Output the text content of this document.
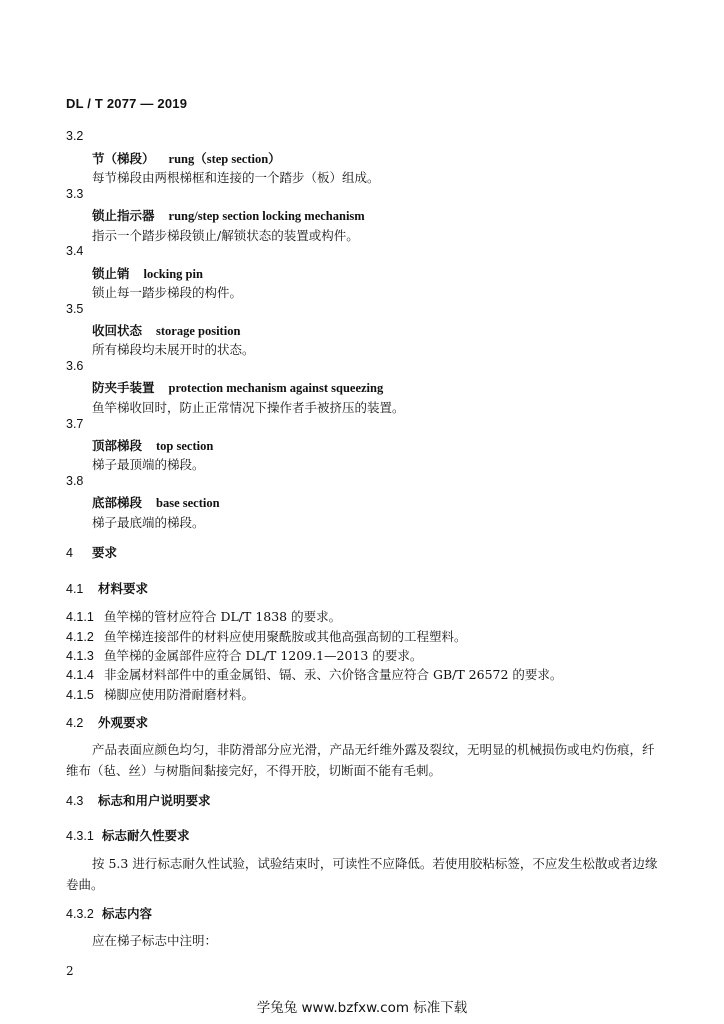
DL / T 2077 — 2019
3.2
节（梯段） rung（step section）
每节梯段由两根梯框和连接的一个踏步（板）组成。
3.3
锁止指示器 rung/step section locking mechanism
指示一个踏步梯段锁止/解锁状态的装置或构件。
3.4
锁止销 locking pin
锁止每一踏步梯段的构件。
3.5
收回状态 storage position
所有梯段均未展开时的状态。
3.6
防夹手装置 protection mechanism against squeezing
鱼竿梯收回时，防止正常情况下操作者手被挤压的装置。
3.7
顶部梯段 top section
梯子最顶端的梯段。
3.8
底部梯段 base section
梯子最底端的梯段。
4 要求
4.1 材料要求
4.1.1 鱼竿梯的管材应符合 DL/T 1838 的要求。
4.1.2 鱼竿梯连接部件的材料应使用聚酰胺或其他高强高韧的工程塑料。
4.1.3 鱼竿梯的金属部件应符合 DL/T 1209.1—2013 的要求。
4.1.4 非金属材料部件中的重金属铅、镉、汞、六价铬含量应符合 GB/T 26572 的要求。
4.1.5 梯脚应使用防滑耐磨材料。
4.2 外观要求
产品表面应颜色均匀，非防滑部分应光滑，产品无纤维外露及裂纹，无明显的机械损伤或电灼伤痕，纤维布（毡、丝）与树脂间黏接完好，不得开胶，切断面不能有毛刺。
4.3 标志和用户说明要求
4.3.1 标志耐久性要求
按 5.3 进行标志耐久性试验，试验结束时，可读性不应降低。若使用胶粘标签，不应发生松散或者边缘卷曲。
4.3.2 标志内容
应在梯子标志中注明：
2
学兔兔 www.bzfxw.com 标准下载
